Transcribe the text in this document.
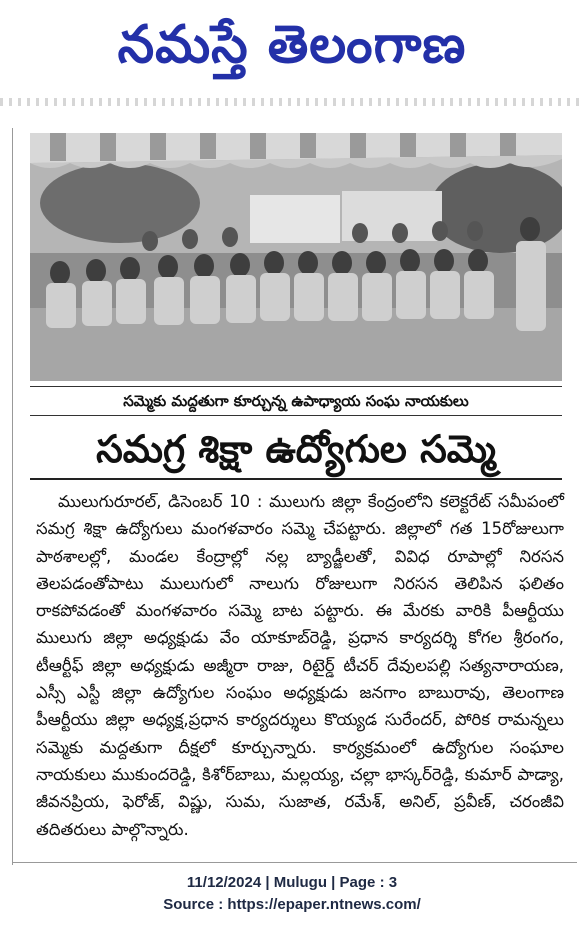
నమస్తే తెలంగాణ
సమ్మెకు మద్దతుగా కూర్చున్న ఉపాధ్యాయ సంఘ నాయకులు
సమగ్ర శిక్షా ఉద్యోగుల సమ్మె
ములుగురూరల్, డిసెంబర్ 10 : ములుగు జిల్లా కేంద్రంలోని కలెక్టరేట్ సమీపంలో సమగ్ర శిక్షా ఉద్యోగులు మంగళవారం సమ్మె చేపట్టారు. జిల్లాలో గత 15రోజులుగా పాఠశాలల్లో, మండల కేంద్రాల్లో నల్ల బ్యాడ్జీలతో, వివిధ రూపాల్లో నిరసన తెలపడంతోపాటు ములుగులో నాలుగు రోజులుగా నిరసన తెలిపిన ఫలితం రాకపోవడంతో మంగళవారం సమ్మె బాట పట్టారు. ఈ మేరకు వారికి పీఆర్టీయు ములుగు జిల్లా అధ్యక్షుడు వేం యాకూబ్‌రెడ్డి, ప్రధాన కార్యదర్శి కోగల శ్రీరంగం, టీఆర్టీఫ్ జిల్లా అధ్యక్షుడు అజ్మీరా రాజు, రిటైర్డ్ టీచర్ దేవులపల్లి సత్యనారాయణ, ఎస్సీ ఎస్టీ జిల్లా ఉద్యోగుల సంఘం అధ్యక్షుడు జనగాం బాబురావు, తెలంగాణ పీఆర్టీయు జిల్లా అధ్యక్ష,ప్రధాన కార్యదర్శులు కొయ్యడ సురేందర్, పోరిక రామన్నలు సమ్మెకు మద్దతుగా దీక్షలో కూర్చున్నారు. కార్యక్రమంలో ఉద్యోగుల సంఘాల నాయకులు ముకుందరెడ్డి, కిశోర్‌బాబు, మల్లయ్య, చల్లా భాస్కర్‌రెడ్డి, కుమార్ పాడ్యా, జీవనప్రియ, ఫెరోజ్, విష్ణు, సుమ, సుజాత, రమేశ్, అనిల్, ప్రవీణ్, చరంజీవి తదితరులు పాల్గొన్నారు.
11/12/2024 | Mulugu | Page : 3
Source : https://epaper.ntnews.com/
